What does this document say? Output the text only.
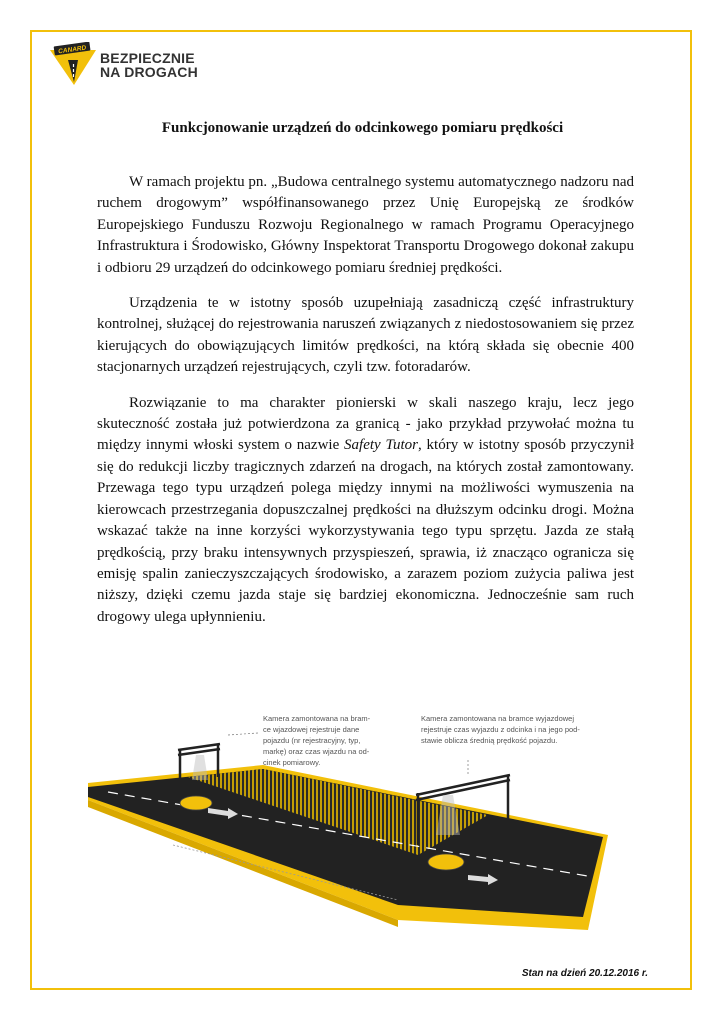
CANARD
BEZPIECZNIE
NA DROGACH
Funkcjonowanie urządzeń do odcinkowego pomiaru prędkości

W ramach projektu pn. „Budowa centralnego systemu automatycznego nadzoru nad ruchem drogowym” współfinansowanego przez Unię Europejską ze środków Europejskiego Funduszu Rozwoju Regionalnego w ramach Programu Operacyjnego Infrastruktura i Środowisko, Główny Inspektorat Transportu Drogowego dokonał zakupu i odbioru 29 urządzeń do odcinkowego pomiaru średniej prędkości.

Urządzenia te w istotny sposób uzupełniają zasadniczą część infrastruktury kontrolnej, służącej do rejestrowania naruszeń związanych z niedostosowaniem się przez kierujących do obowiązujących limitów prędkości, na którą składa się obecnie 400 stacjonarnych urządzeń rejestrujących, czyli tzw. fotoradarów.

Rozwiązanie to ma charakter pionierski w skali naszego kraju, lecz jego skuteczność została już potwierdzona za granicą - jako przykład przywołać można tu między innymi włoski system o nazwie Safety Tutor, który w istotny sposób przyczynił się do redukcji liczby tragicznych zdarzeń na drogach, na których został zamontowany. Przewaga tego typu urządzeń polega między innymi na możliwości wymuszenia na kierowcach przestrzegania dopuszczalnej prędkości na dłuższym odcinku drogi. Można wskazać także na inne korzyści wykorzystywania tego typu sprzętu. Jazda ze stałą prędkością, przy braku intensywnych przyspieszeń, sprawia, iż znacząco ogranicza się emisję spalin zanieczyszczających środowisko, a zarazem poziom zużycia paliwa jest niższy, dzięki czemu jazda staje się bardziej ekonomiczna. Jednocześnie sam ruch drogowy ulega upłynnieniu.

Kamera zamontowana na bram-
ce wjazdowej rejestruje dane
pojazdu (nr rejestracyjny, typ,
markę) oraz czas wjazdu na od-
cinek pomiarowy.
Kamera zamontowana na bramce wyjazdowej
rejestruje czas wyjazdu z odcinka i na jego pod-
stawie oblicza średnią prędkość pojazdu.
Stan na dzień 20.12.2016 r.
